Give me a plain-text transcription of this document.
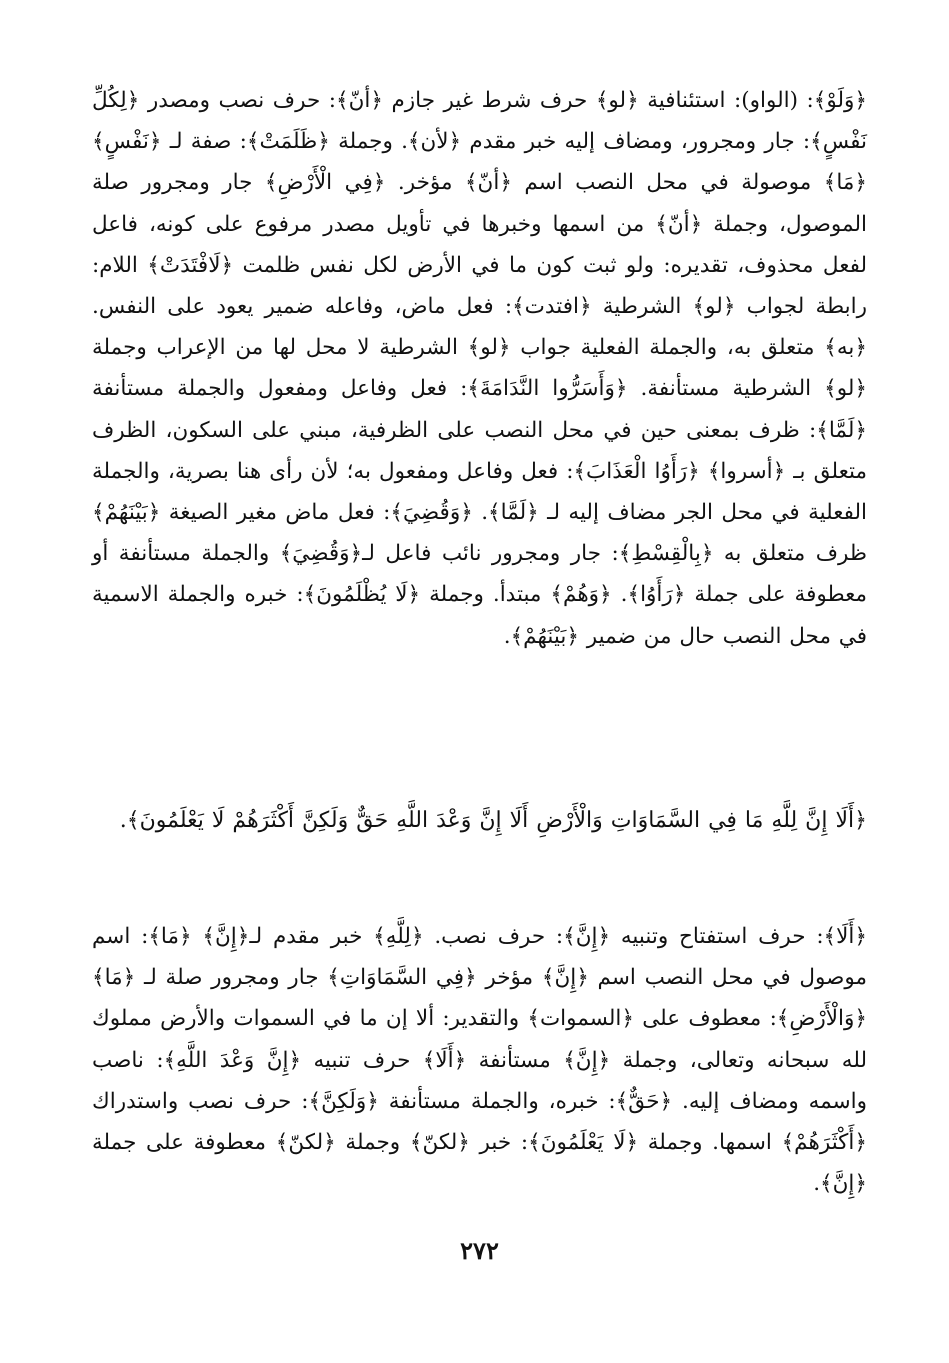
﴿وَلَوْ﴾: (الواو): استئنافية ﴿لو﴾ حرف شرط غير جازم ﴿أنّ﴾: حرف نصب ومصدر ﴿لِكُلِّ نَفْسٍ﴾: جار ومجرور، ومضاف إليه خبر مقدم ﴿لأن﴾. وجملة ﴿ظَلَمَتْ﴾: صفة لـ ﴿نَفْسٍ﴾ ﴿مَا﴾ موصولة في محل النصب اسم ﴿أنّ﴾ مؤخر. ﴿فِي الْأَرْضِ﴾ جار ومجرور صلة الموصول، وجملة ﴿أنّ﴾ من اسمها وخبرها في تأويل مصدر مرفوع على كونه، فاعل لفعل محذوف، تقديره: ولو ثبت كون ما في الأرض لكل نفس ظلمت ﴿لَافْتَدَتْ﴾ اللام: رابطة لجواب ﴿لو﴾ الشرطية ﴿افتدت﴾: فعل ماض، وفاعله ضمير يعود على النفس. ﴿به﴾ متعلق به، والجملة الفعلية جواب ﴿لو﴾ الشرطية لا محل لها من الإعراب وجملة ﴿لو﴾ الشرطية مستأنفة. ﴿وَأَسَرُّوا النَّدَامَةَ﴾: فعل وفاعل ومفعول والجملة مستأنفة ﴿لَمَّا﴾: ظرف بمعنى حين في محل النصب على الظرفية، مبني على السكون، الظرف متعلق بـ ﴿أسروا﴾ ﴿رَأَوُا الْعَذَابَ﴾: فعل وفاعل ومفعول به؛ لأن رأى هنا بصرية، والجملة الفعلية في محل الجر مضاف إليه لـ ﴿لَمَّا﴾. ﴿وَقُضِيَ﴾: فعل ماض مغير الصيغة ﴿بَيْنَهُمْ﴾ ظرف متعلق به ﴿بِالْقِسْطِ﴾: جار ومجرور نائب فاعل لـ﴿وَقُضِيَ﴾ والجملة مستأنفة أو معطوفة على جملة ﴿رَأَوُا﴾. ﴿وَهُمْ﴾ مبتدأ. وجملة ﴿لَا يُظْلَمُونَ﴾: خبره والجملة الاسمية في محل النصب حال من ضمير ﴿بَيْنَهُمْ﴾.

﴿أَلَا إِنَّ لِلَّهِ مَا فِي السَّمَاوَاتِ وَالْأَرْضِ أَلَا إِنَّ وَعْدَ اللَّهِ حَقٌّ وَلَكِنَّ أَكْثَرَهُمْ لَا يَعْلَمُونَ﴾.

﴿أَلَا﴾: حرف استفتاح وتنبيه ﴿إِنَّ﴾: حرف نصب. ﴿لِلَّهِ﴾ خبر مقدم لـ﴿إِنَّ﴾ ﴿مَا﴾: اسم موصول في محل النصب اسم ﴿إِنَّ﴾ مؤخر ﴿فِي السَّمَاوَاتِ﴾ جار ومجرور صلة لـ ﴿مَا﴾ ﴿وَالْأَرْضِ﴾: معطوف على ﴿السموات﴾ والتقدير: ألا إن ما في السموات والأرض مملوك لله سبحانه وتعالى، وجملة ﴿إِنَّ﴾ مستأنفة ﴿أَلَا﴾ حرف تنبيه ﴿إِنَّ وَعْدَ اللَّهِ﴾: ناصب واسمه ومضاف إليه. ﴿حَقٌّ﴾: خبره، والجملة مستأنفة ﴿وَلَكِنَّ﴾: حرف نصب واستدراك ﴿أَكْثَرَهُمْ﴾ اسمها. وجملة ﴿لَا يَعْلَمُونَ﴾: خبر ﴿لكنّ﴾ وجملة ﴿لكنّ﴾ معطوفة على جملة ﴿إِنَّ﴾.

٢٧٢
